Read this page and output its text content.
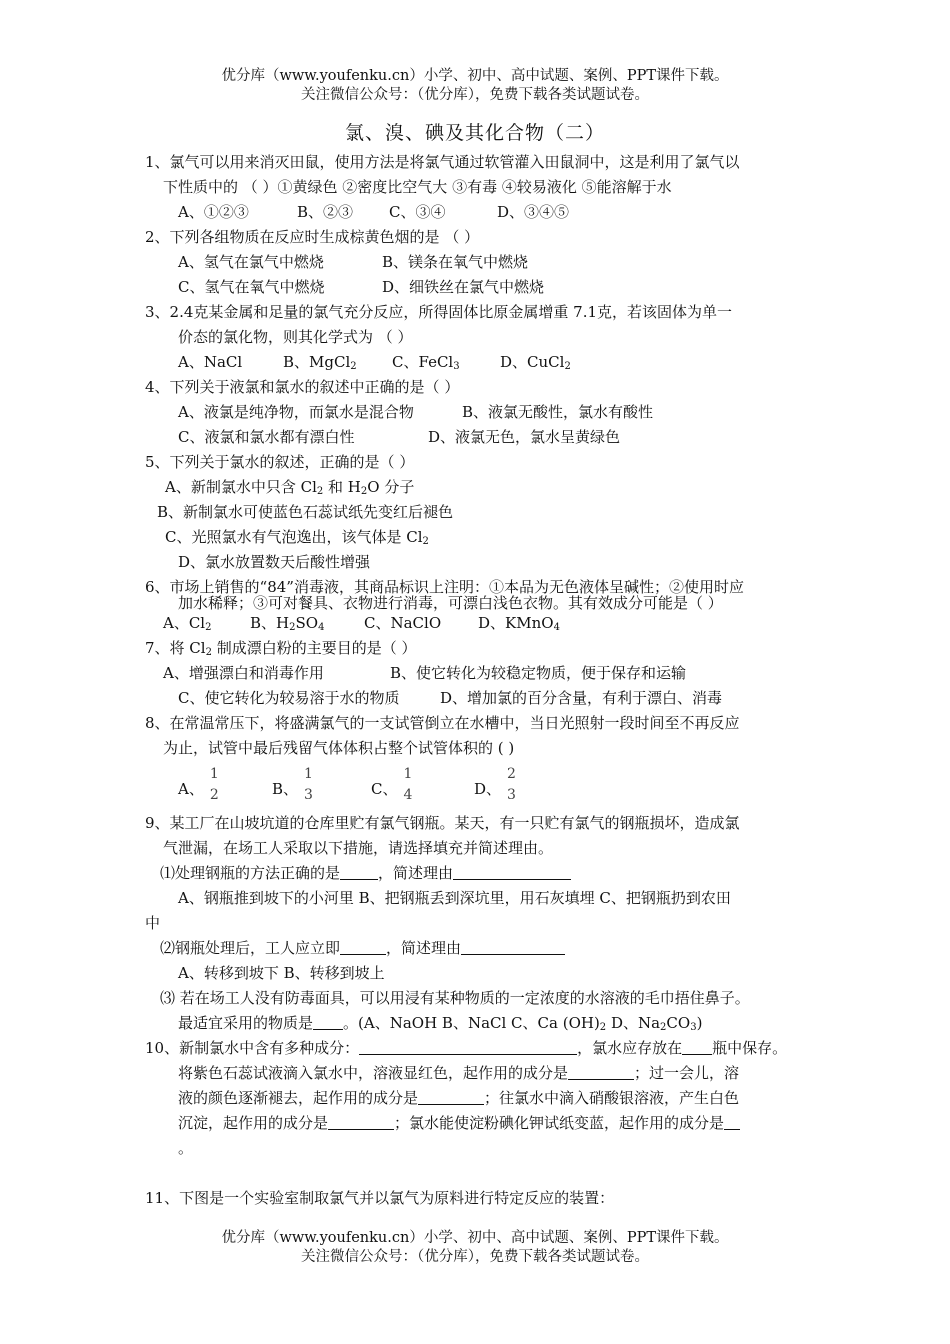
优分库（www.youfenku.cn）小学、初中、高中试题、案例、PPT课件下载。
关注微信公众号：（优分库），免费下载各类试题试卷。
氯、溴、碘及其化合物（二）
1、氯气可以用来消灭田鼠，使用方法是将氯气通过软管灌入田鼠洞中，这是利用了氯气以
下性质中的 （ ）①黄绿色 ②密度比空气大 ③有毒 ④较易液化 ⑤能溶解于水
A、①②③	B、②③ C、③④	D、③④⑤
2、下列各组物质在反应时生成棕黄色烟的是 （ ）
A、氢气在氯气中燃烧	B、镁条在氧气中燃烧
C、氢气在氧气中燃烧	D、细铁丝在氯气中燃烧
3、2.4克某金属和足量的氯气充分反应，所得固体比原金属增重 7.1克，若该固体为单一
价态的氯化物，则其化学式为 （ ）
A、NaCl	B、MgCl$_2$ C、FeCl$_3$	D、CuCl$_2$
4、下列关于液氯和氯水的叙述中正确的是（ ）
A、液氯是纯净物，而氯水是混合物	B、液氯无酸性，氯水有酸性
C、液氯和氯水都有漂白性	D、液氯无色，氯水呈黄绿色
5、下列关于氯水的叙述，正确的是（ ）
A、新制氯水中只含 $Cl_2$ 和 $H_2O$ 分子
B、新制氯水可使蓝色石蕊试纸先变红后褪色
C、光照氯水有气泡逸出，该气体是 $Cl_2$
D、氯水放置数天后酸性增强
6、市场上销售的“84”消毒液，其商品标识上注明：①本品为无色液体呈碱性；②使用时应
加水稀释；③可对餐具、衣物进行消毒，可漂白浅色衣物。其有效成分可能是（ ）
A、$Cl_2$	B、$H_2SO_4$	C、NaClO D、KMnO$_4$
7、将 $Cl_2$ 制成漂白粉的主要目的是（ ）
A、增强漂白和消毒作用	B、使它转化为较稳定物质，便于保存和运输
C、使它转化为较易溶于水的物质	D、增加氯的百分含量，有利于漂白、消毒
8、在常温常压下，将盛满氯气的一支试管倒立在水槽中，当日光照射一段时间至不再反应
为止，试管中最后残留气体体积占整个试管体积的 ( )
A、
1
2	B、
1
3	C、
1
4	D、
2
3
9、某工厂在山坡坑道的仓库里贮有氯气钢瓶。某天，有一只贮有氯气的钢瓶损坏，造成氯
气泄漏，在场工人采取以下措施，请选择填充并简述理由。
⑴处理钢瓶的方法正确的是	，简述理由
A、钢瓶推到坡下的小河里 B、把钢瓶丢到深坑里，用石灰填埋 C、把钢瓶扔到农田
中
⑵钢瓶处理后，工人应立即	，简述理由
A、转移到坡下 B、转移到坡上
⑶ 若在场工人没有防毒面具，可以用浸有某种物质的一定浓度的水溶液的毛巾捂住鼻子。
最适宜采用的物质是 。(A、NaOH B、NaCl C、Ca $(OH)_2$ D、$Na_2CO_3$)
10、新制氯水中含有多种成分：	，氯水应存放在 瓶中保存。
将紫色石蕊试液滴入氯水中，溶液显红色，起作用的成分是	；过一会儿，溶
液的颜色逐渐褪去，起作用的成分是	；往氯水中滴入硝酸银溶液，产生白色
沉淀，起作用的成分是	；氯水能使淀粉碘化钾试纸变蓝，起作用的成分是
。
11、下图是一个实验室制取氯气并以氯气为原料进行特定反应的装置：
优分库（www.youfenku.cn）小学、初中、高中试题、案例、PPT课件下载。
关注微信公众号：（优分库），免费下载各类试题试卷。
